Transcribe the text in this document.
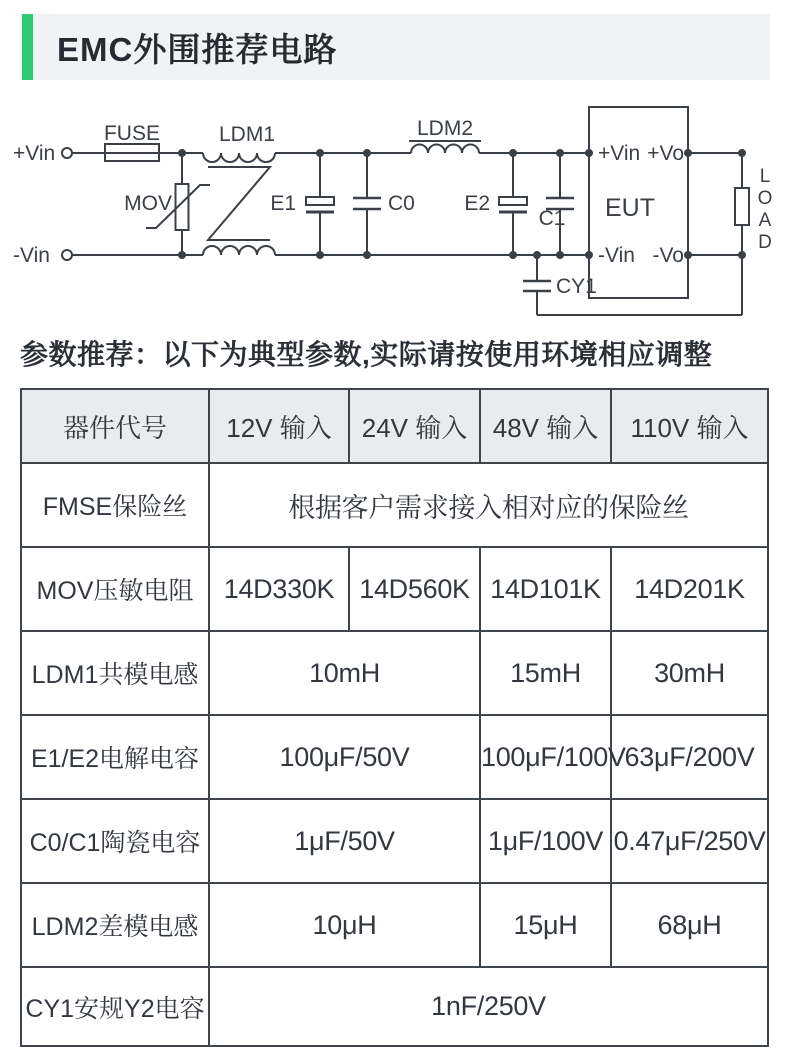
EMC外围推荐电路
+Vin
-Vin
FUSE	LDM1
MOV	E1	C0
LDM2
E2
C1
CY1
+Vin +Vo
EUT
-Vin -Vo
L
O
A
D
参数推荐：以下为典型参数,实际请按使用环境相应调整
器件代号	12V 输入	24V 输入	48V 输入	110V 输入
FMSE保险丝	根据客户需求接入相对应的保险丝			
MOV压敏电阻	14D330K	14D560K	14D101K	14D201K
LDM1共模电感	10mH		15mH	30mH
E1/E2电解电容	100μF/50V		100μF/100V	63μF/200V
C0/C1陶瓷电容	1μF/50V		1μF/100V	0.47μF/250V
LDM2差模电感	10μH		15μH	68μH
CY1安规Y2电容	1nF/250V			
